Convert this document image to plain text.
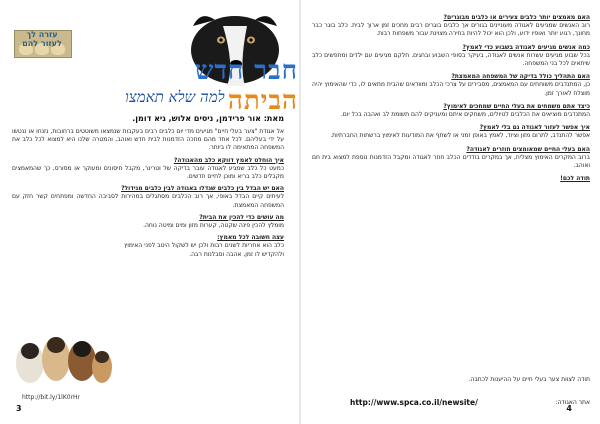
עזרה לך לעזור להם
חבר חדש הביתה
למה שלא תאמצו
מאת: אור פרידמן, ניסים אלוש, גיא דומן.

אל אגודת "צער בעלי חיים" מגיעים מדי יום כלבים רבים בעקבות שנמצאו משוטטים ברחובות, נזנחו או ננטשו על ידי בעליהם. לכל אחד מהם מחכה הזדמנות לבית חדש ואוהב, והמטרה שלנו היא למצוא לכל כלב את המשפחה המתאימה לו ביותר.

איך הוחלט לאמץ דווקא כלב מהאגודה?
כמעט כל כלב שמגיע לאגודה עובר בדיקה של וטרינר, מקבל חיסונים ומעוקר או מסורס, כך שהמאמצים מקבלים כלב בריא ומוכן לחיים חדשים.

האם יש הבדל בין כלבים שגדלו באגודה לבין כלבים מגידול?
לעיתים קיים הבדל באופי, אך רוב הכלבים מסתגלים במהירות לסביבה החדשה ומפתחים קשר חזק עם המשפחה המאמצת.

מה עושים כדי להכין את הבית?
מומלץ להכין פינה שקטה, קערות מזון ומים ומיטה נוחה.

עצה חשובה לכל מאמץ:
כלב הוא אחריות לשנים רבות ולכן יש לשקול היטב לפני האימוץ ולהקדיש לו זמן, אהבה וסבלנות רבה.

http://bit.ly/1lK0rHr
3

האם מאמצים יותר כלבים צעירים או כלבים מבוגרים?
רוב האנשים שמגיעים לאגודה מעוניינים בגורים אך כלבים בוגרים רבים מחכים זמן ארוך לבית. כלב בוגר כבר מחונך, רגוע יותר ואופיו ידוע, ולכן הוא יכול להיות בחירה מצוינת עבור משפחות רבות.

כמה אנשים מגיעים לאגודה בשבוע כדי לאמץ?
בכל שבוע מגיעים עשרות אנשים לאגודה, בעיקר בסופי השבוע ובחגים. חלקם מגיעים עם ילדים ומחפשים כלב שיתאים לכל בני המשפחה.

האם התהליך כולל בדיקה של המשפחה המאמצת?
כן, המתנדבים משוחחים עם המאמצים, מסבירים על צרכי הכלב ומוודאים שהבית מתאים לו, כדי שהאימוץ יהיה מוצלח לאורך זמן.

כיצד אתם משמחים את בעלי החיים שמחכים לאימוץ?
המתנדבים מוציאים את הכלבים לטיולים, משחקים איתם ומעניקים להם תשומת לב ואהבה בכל יום.

איך אפשר לעזור לאגודה גם בלי לאמץ?
אפשר להתנדב, לתרום מזון וציוד, לאמץ באופן זמני או לשתף את המודעות לאימוץ ברשתות החברתיות.

האם בעלי החיים שמאומצים חוזרים לאגודה?
ברוב המקרים האימוץ מצליח, אך במקרים בודדים הכלב חוזר לאגודה ומקבל הזדמנות נוספת למצוא בית חם ואוהב.

תודה לכם!

תודה לצוות צער בעלי חיים על ההיענות לכתבה.
אתר האגודה:
http://www.spca.co.il/newsite/
4
